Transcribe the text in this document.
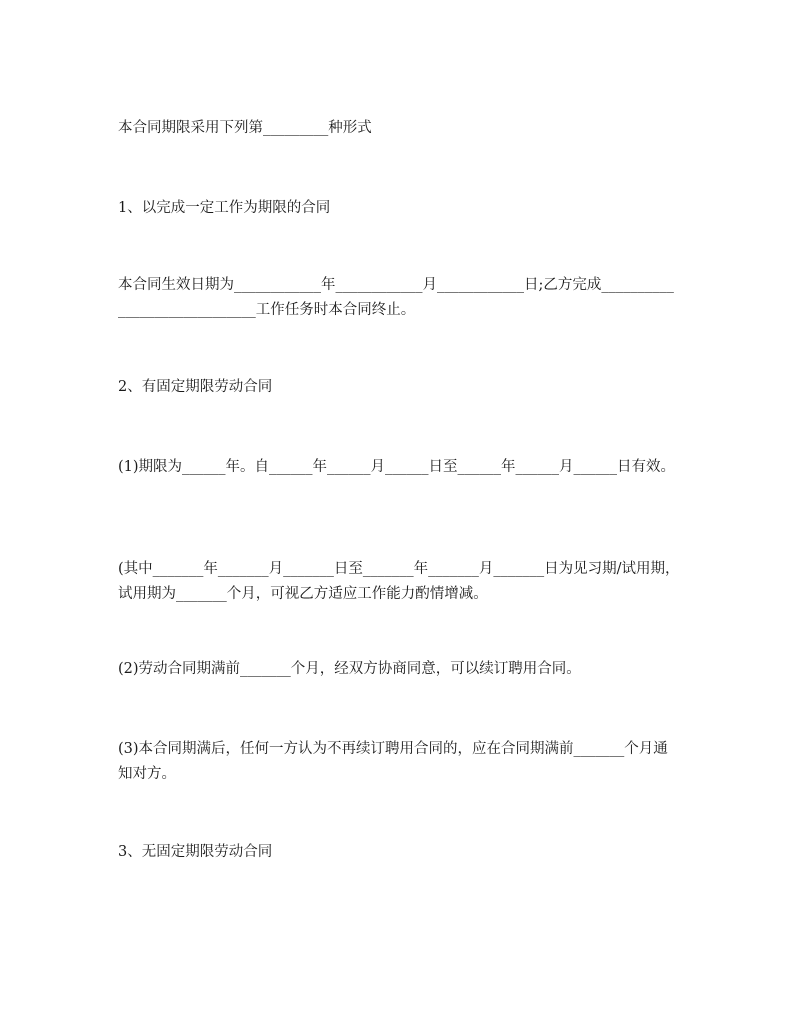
本合同期限采用下列第_________种形式

1、以完成一定工作为期限的合同

本合同生效日期为____________年____________月____________日;乙方完成_____________________________工作任务时本合同终止。

2、有固定期限劳动合同

(1)期限为______年。自______年______月______日至______年______月______日有效。

(其中_______年_______月_______日至_______年_______月_______日为见习期/试用期，试用期为_______个月，可视乙方适应工作能力酌情增减。

(2)劳动合同期满前_______个月，经双方协商同意，可以续订聘用合同。

(3)本合同期满后，任何一方认为不再续订聘用合同的，应在合同期满前_______个月通知对方。

3、无固定期限劳动合同
